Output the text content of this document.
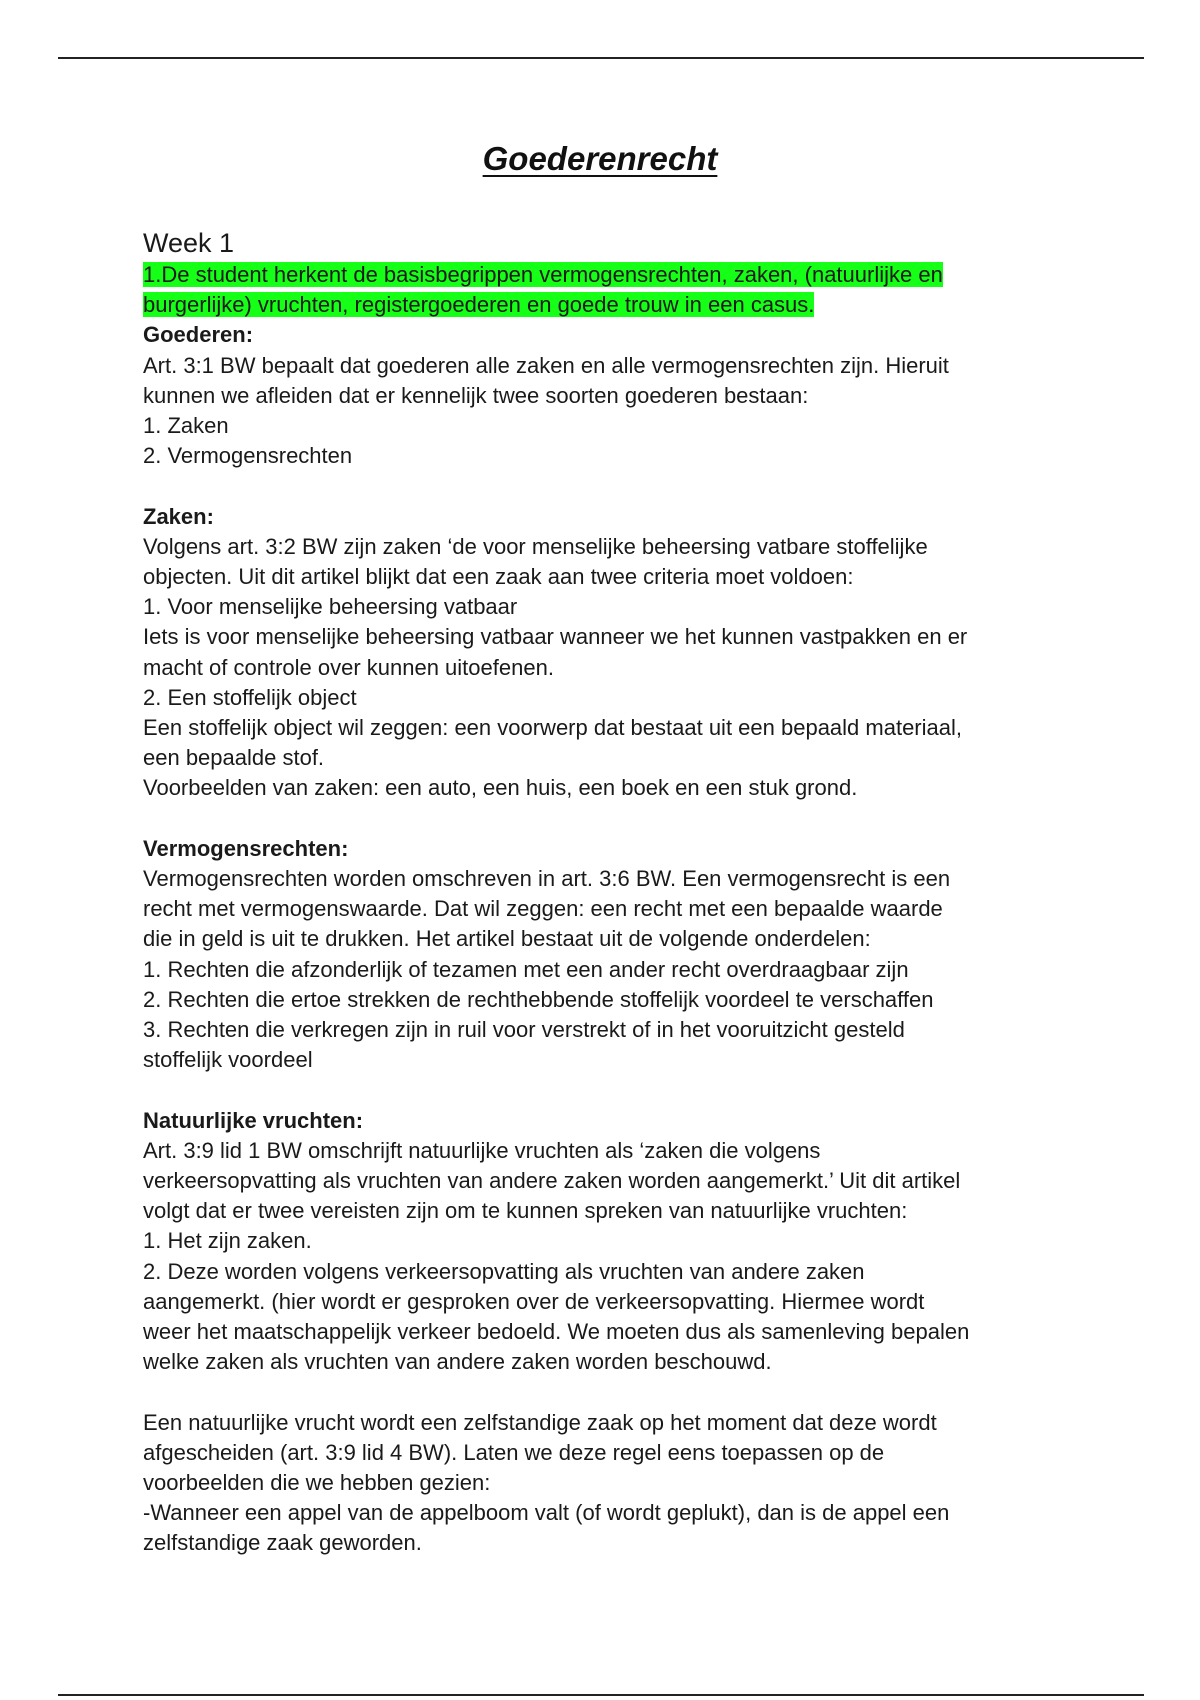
Goederenrecht

Week 1

1.De student herkent de basisbegrippen vermogensrechten, zaken, (natuurlijke en

burgerlijke) vruchten, registergoederen en goede trouw in een casus.

Goederen:

Art. 3:1 BW bepaalt dat goederen alle zaken en alle vermogensrechten zijn. Hieruit

kunnen we afleiden dat er kennelijk twee soorten goederen bestaan:

1. Zaken

2. Vermogensrechten

Zaken:

Volgens art. 3:2 BW zijn zaken ‘de voor menselijke beheersing vatbare stoffelijke

objecten. Uit dit artikel blijkt dat een zaak aan twee criteria moet voldoen:

1. Voor menselijke beheersing vatbaar

Iets is voor menselijke beheersing vatbaar wanneer we het kunnen vastpakken en er

macht of controle over kunnen uitoefenen.

2. Een stoffelijk object

Een stoffelijk object wil zeggen: een voorwerp dat bestaat uit een bepaald materiaal,

een bepaalde stof.

Voorbeelden van zaken: een auto, een huis, een boek en een stuk grond.

Vermogensrechten:

Vermogensrechten worden omschreven in art. 3:6 BW. Een vermogensrecht is een

recht met vermogenswaarde. Dat wil zeggen: een recht met een bepaalde waarde

die in geld is uit te drukken. Het artikel bestaat uit de volgende onderdelen:

1. Rechten die afzonderlijk of tezamen met een ander recht overdraagbaar zijn

2. Rechten die ertoe strekken de rechthebbende stoffelijk voordeel te verschaffen

3. Rechten die verkregen zijn in ruil voor verstrekt of in het vooruitzicht gesteld

stoffelijk voordeel

Natuurlijke vruchten:

Art. 3:9 lid 1 BW omschrijft natuurlijke vruchten als ‘zaken die volgens

verkeersopvatting als vruchten van andere zaken worden aangemerkt.’ Uit dit artikel

volgt dat er twee vereisten zijn om te kunnen spreken van natuurlijke vruchten:

1. Het zijn zaken.

2. Deze worden volgens verkeersopvatting als vruchten van andere zaken

aangemerkt. (hier wordt er gesproken over de verkeersopvatting. Hiermee wordt

weer het maatschappelijk verkeer bedoeld. We moeten dus als samenleving bepalen

welke zaken als vruchten van andere zaken worden beschouwd.

Een natuurlijke vrucht wordt een zelfstandige zaak op het moment dat deze wordt

afgescheiden (art. 3:9 lid 4 BW). Laten we deze regel eens toepassen op de

voorbeelden die we hebben gezien:

-Wanneer een appel van de appelboom valt (of wordt geplukt), dan is de appel een

zelfstandige zaak geworden.
